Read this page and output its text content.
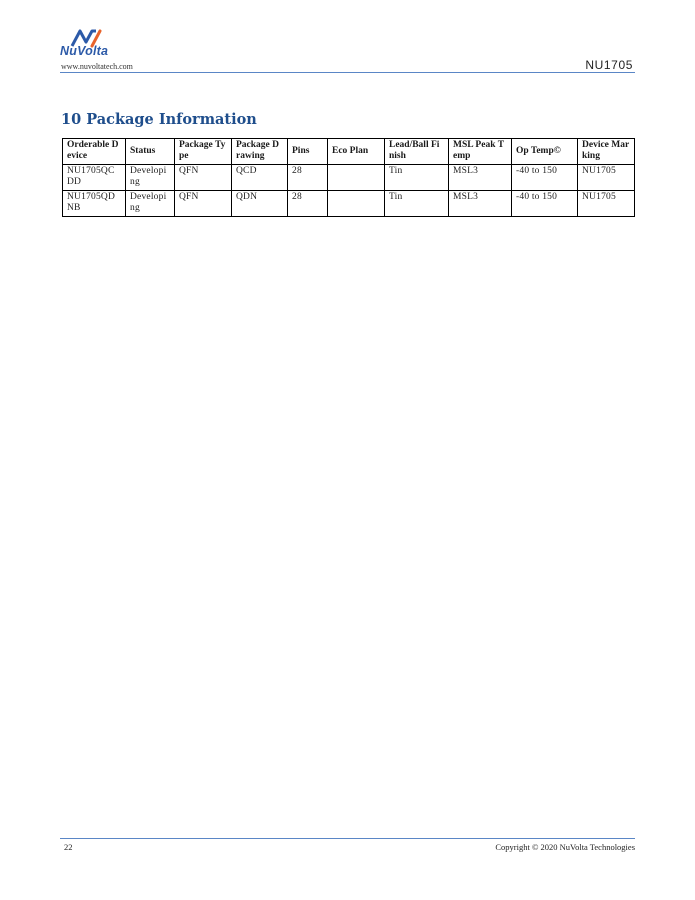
NuVolta
www.nuvoltatech.com	NU1705
10 Package Information
Orderable Device	Status	Package Type	Package Drawing	Pins	Eco Plan	Lead/Ball Finish	MSL Peak Temp	Op Temp©	Device Marking
NU1705QCDD	Developing	QFN	QCD	28		Tin	MSL3	-40 to 150	NU1705
NU1705QDNB	Developing	QFN	QDN	28		Tin	MSL3	-40 to 150	NU1705
22	Copyright © 2020 NuVolta Technologies
